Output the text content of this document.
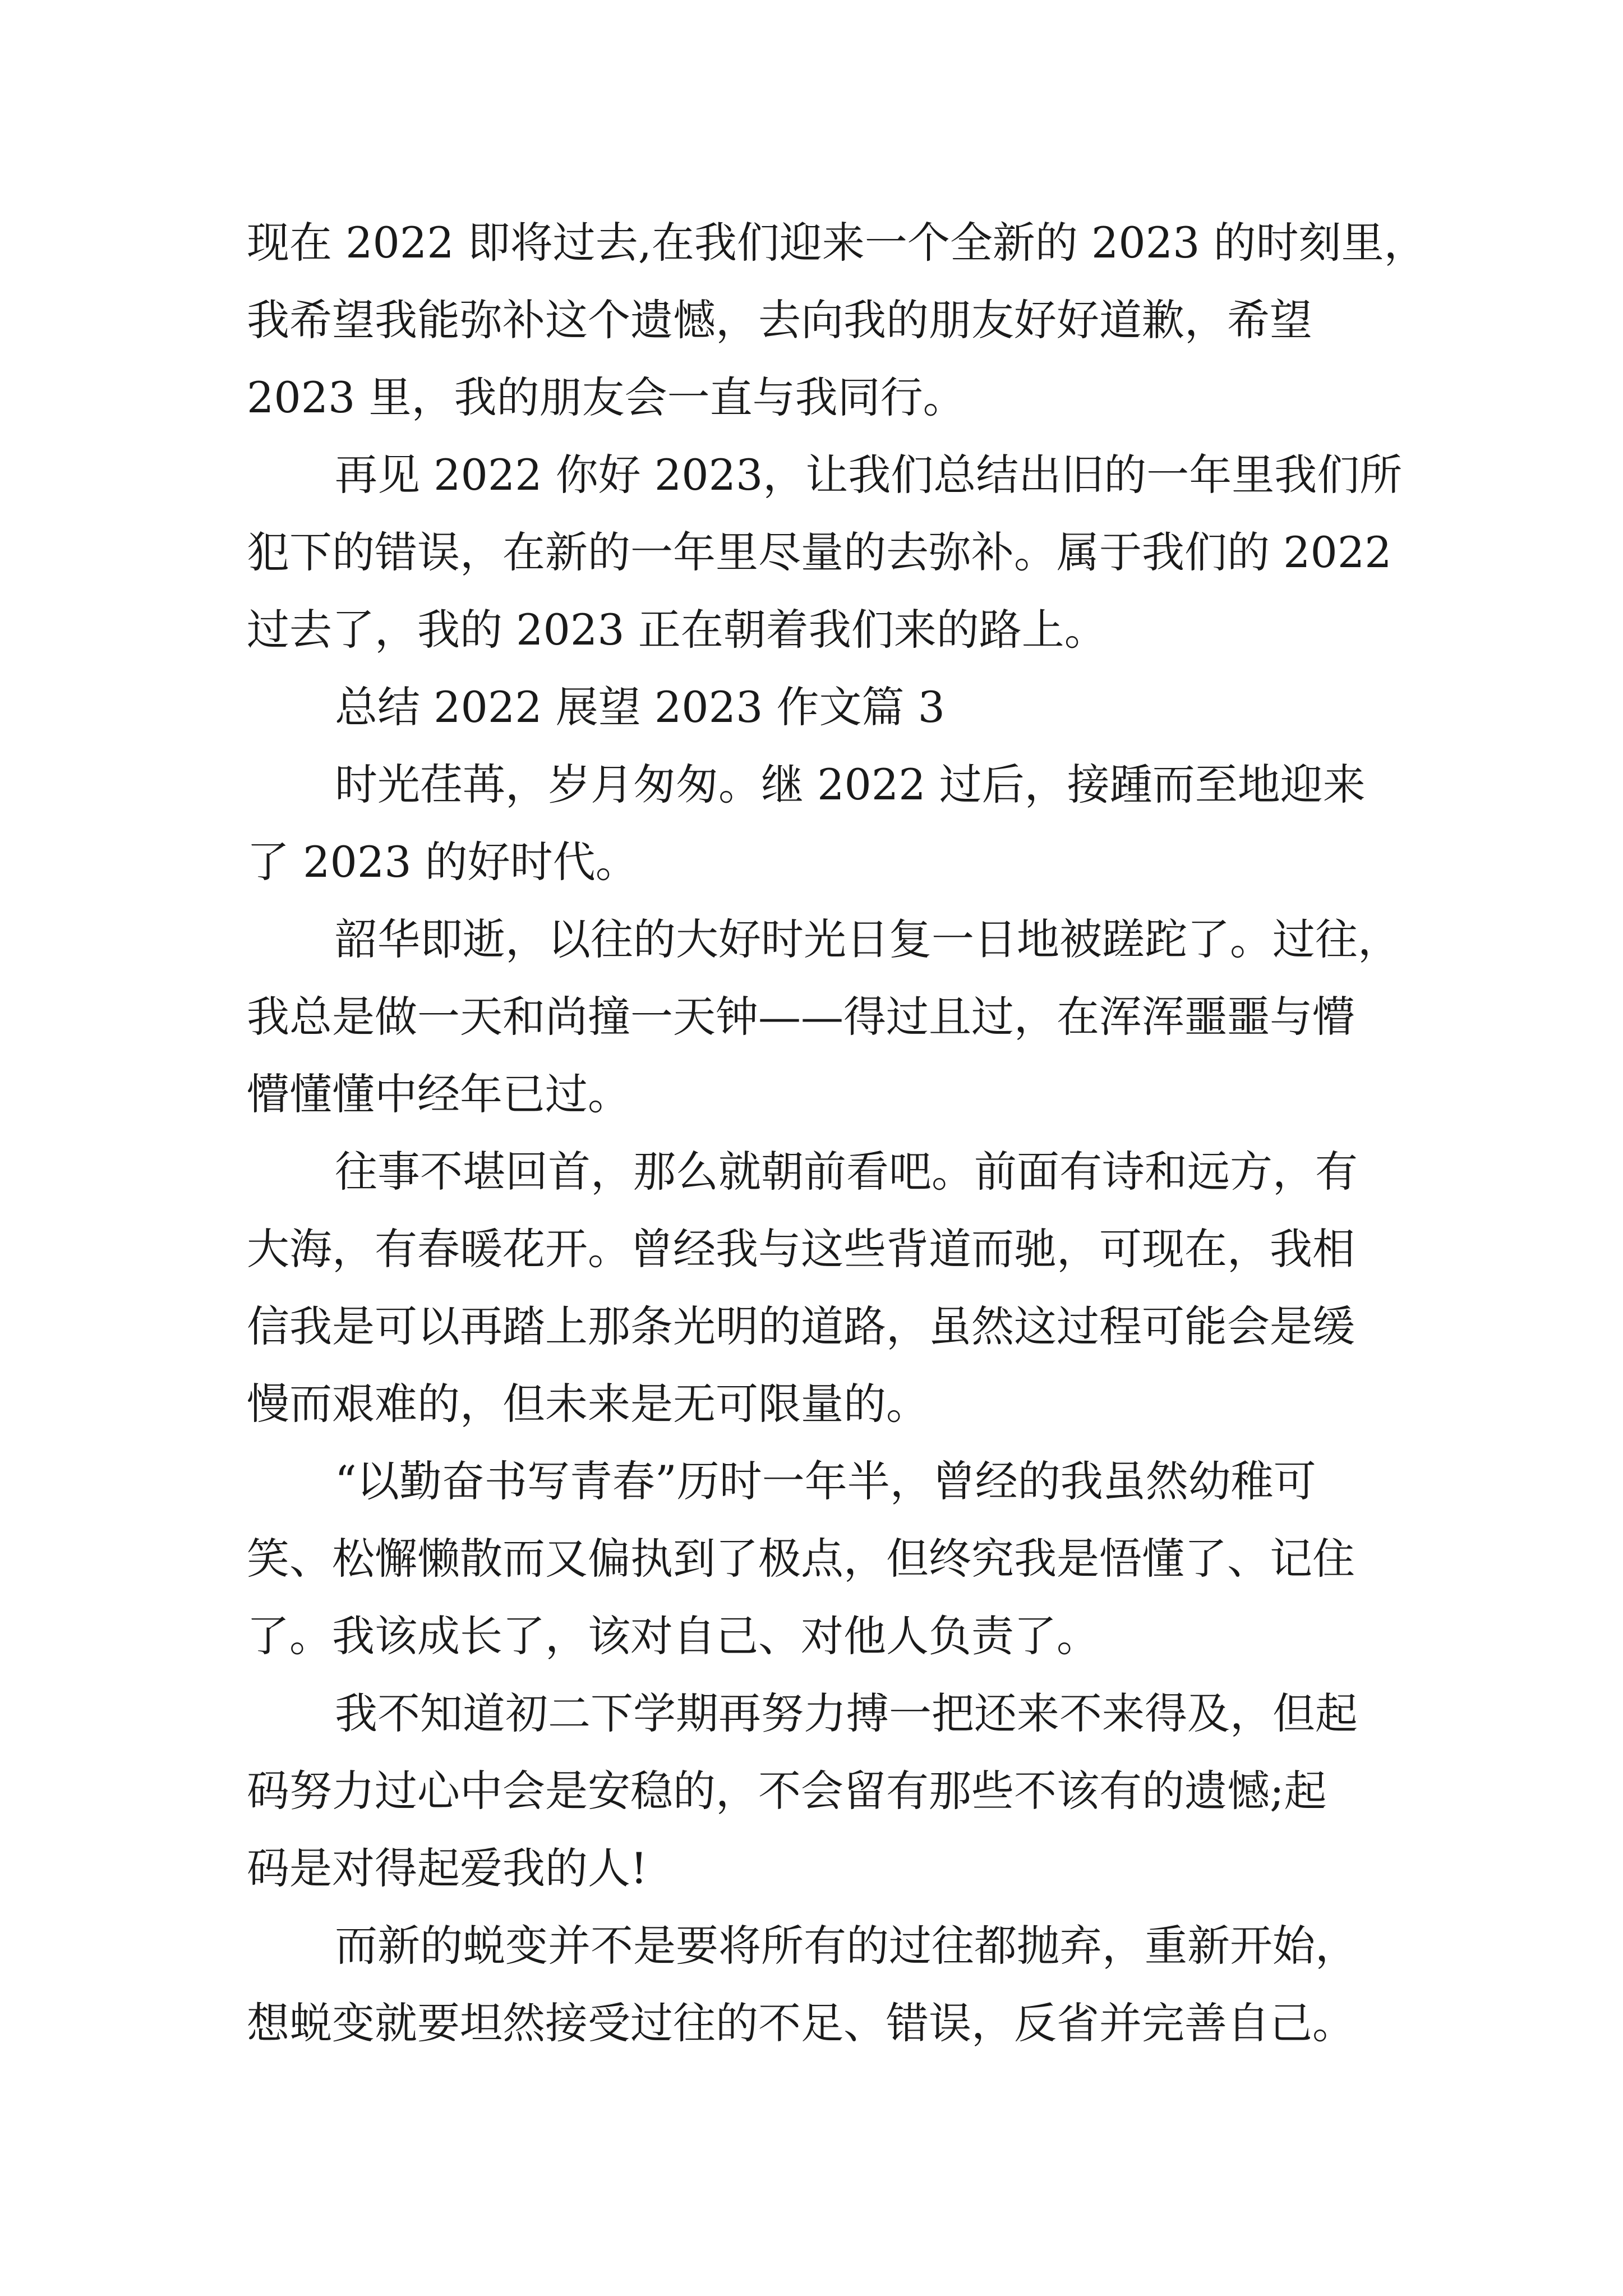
现在 2022 即将过去,在我们迎来一个全新的 2023 的时刻里，

我希望我能弥补这个遗憾，去向我的朋友好好道歉，希望

2023 里，我的朋友会一直与我同行。

再见 2022 你好 2023，让我们总结出旧的一年里我们所

犯下的错误，在新的一年里尽量的去弥补。属于我们的 2022

过去了，我的 2023 正在朝着我们来的路上。

总结 2022 展望 2023 作文篇 3

时光荏苒，岁月匆匆。继 2022 过后，接踵而至地迎来

了 2023 的好时代。

韶华即逝，以往的大好时光日复一日地被蹉跎了。过往，

我总是做一天和尚撞一天钟——得过且过，在浑浑噩噩与懵

懵懂懂中经年已过。

往事不堪回首，那么就朝前看吧。前面有诗和远方，有

大海，有春暖花开。曾经我与这些背道而驰，可现在，我相

信我是可以再踏上那条光明的道路，虽然这过程可能会是缓

慢而艰难的，但未来是无可限量的。

“以勤奋书写青春”历时一年半，曾经的我虽然幼稚可

笑、松懈懒散而又偏执到了极点，但终究我是悟懂了、记住

了。我该成长了，该对自己、对他人负责了。

我不知道初二下学期再努力搏一把还来不来得及，但起

码努力过心中会是安稳的，不会留有那些不该有的遗憾;起

码是对得起爱我的人!

而新的蜕变并不是要将所有的过往都抛弃，重新开始，

想蜕变就要坦然接受过往的不足、错误，反省并完善自己。
